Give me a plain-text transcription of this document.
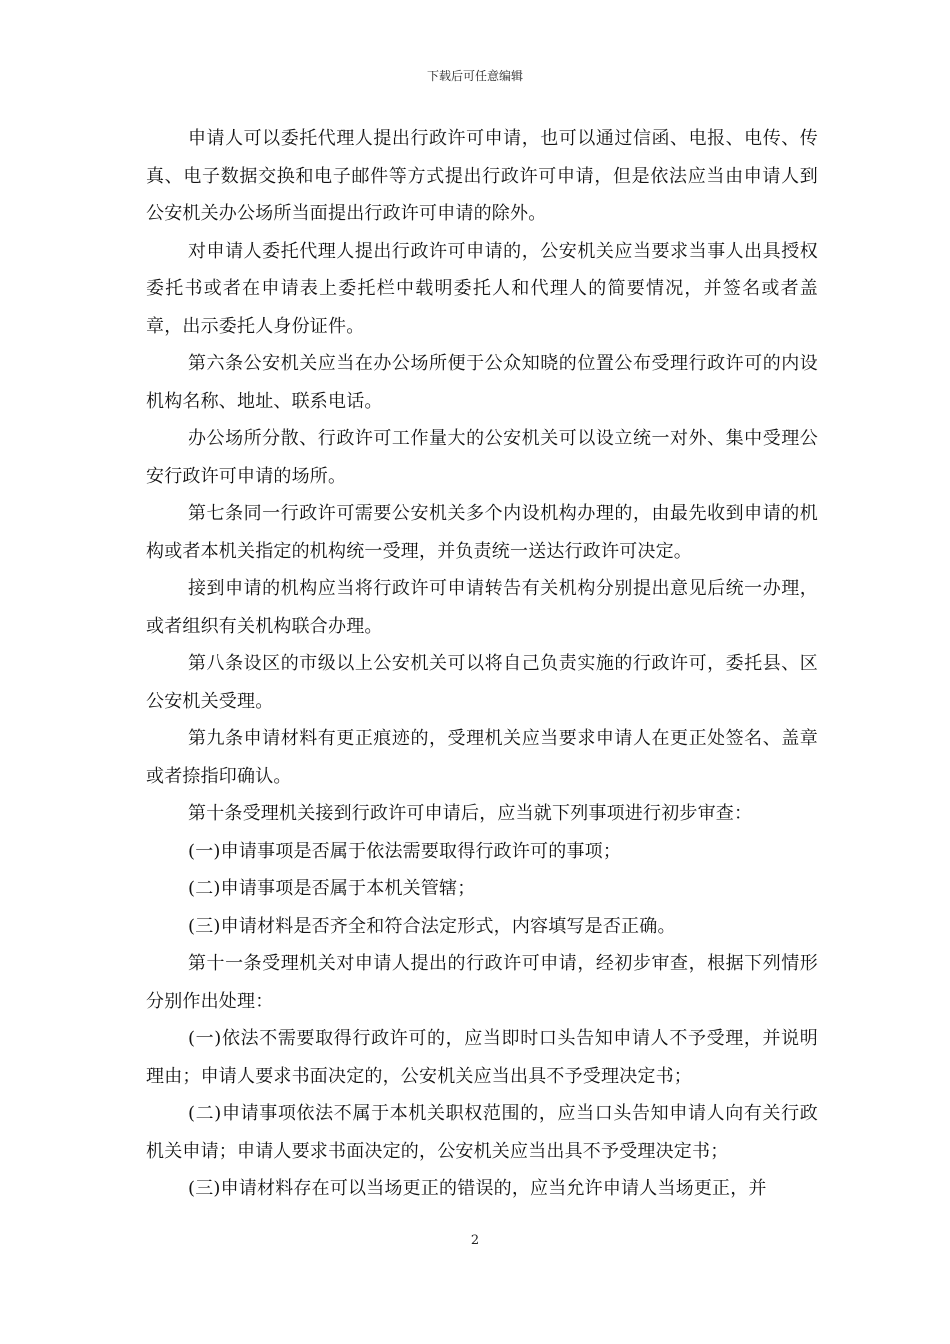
下载后可任意编辑

申请人可以委托代理人提出行政许可申请，也可以通过信函、电报、电传、传真、电子数据交换和电子邮件等方式提出行政许可申请，但是依法应当由申请人到公安机关办公场所当面提出行政许可申请的除外。

对申请人委托代理人提出行政许可申请的，公安机关应当要求当事人出具授权委托书或者在申请表上委托栏中载明委托人和代理人的简要情况，并签名或者盖章，出示委托人身份证件。

第六条公安机关应当在办公场所便于公众知晓的位置公布受理行政许可的内设机构名称、地址、联系电话。

办公场所分散、行政许可工作量大的公安机关可以设立统一对外、集中受理公安行政许可申请的场所。

第七条同一行政许可需要公安机关多个内设机构办理的，由最先收到申请的机构或者本机关指定的机构统一受理，并负责统一送达行政许可决定。

接到申请的机构应当将行政许可申请转告有关机构分别提出意见后统一办理，或者组织有关机构联合办理。

第八条设区的市级以上公安机关可以将自己负责实施的行政许可，委托县、区公安机关受理。

第九条申请材料有更正痕迹的，受理机关应当要求申请人在更正处签名、盖章或者捺指印确认。

第十条受理机关接到行政许可申请后，应当就下列事项进行初步审查：

(一)申请事项是否属于依法需要取得行政许可的事项；

(二)申请事项是否属于本机关管辖；

(三)申请材料是否齐全和符合法定形式，内容填写是否正确。

第十一条受理机关对申请人提出的行政许可申请，经初步审查，根据下列情形分别作出处理：

(一)依法不需要取得行政许可的，应当即时口头告知申请人不予受理，并说明理由；申请人要求书面决定的，公安机关应当出具不予受理决定书；

(二)申请事项依法不属于本机关职权范围的，应当口头告知申请人向有关行政机关申请；申请人要求书面决定的，公安机关应当出具不予受理决定书；

(三)申请材料存在可以当场更正的错误的，应当允许申请人当场更正，并

2
